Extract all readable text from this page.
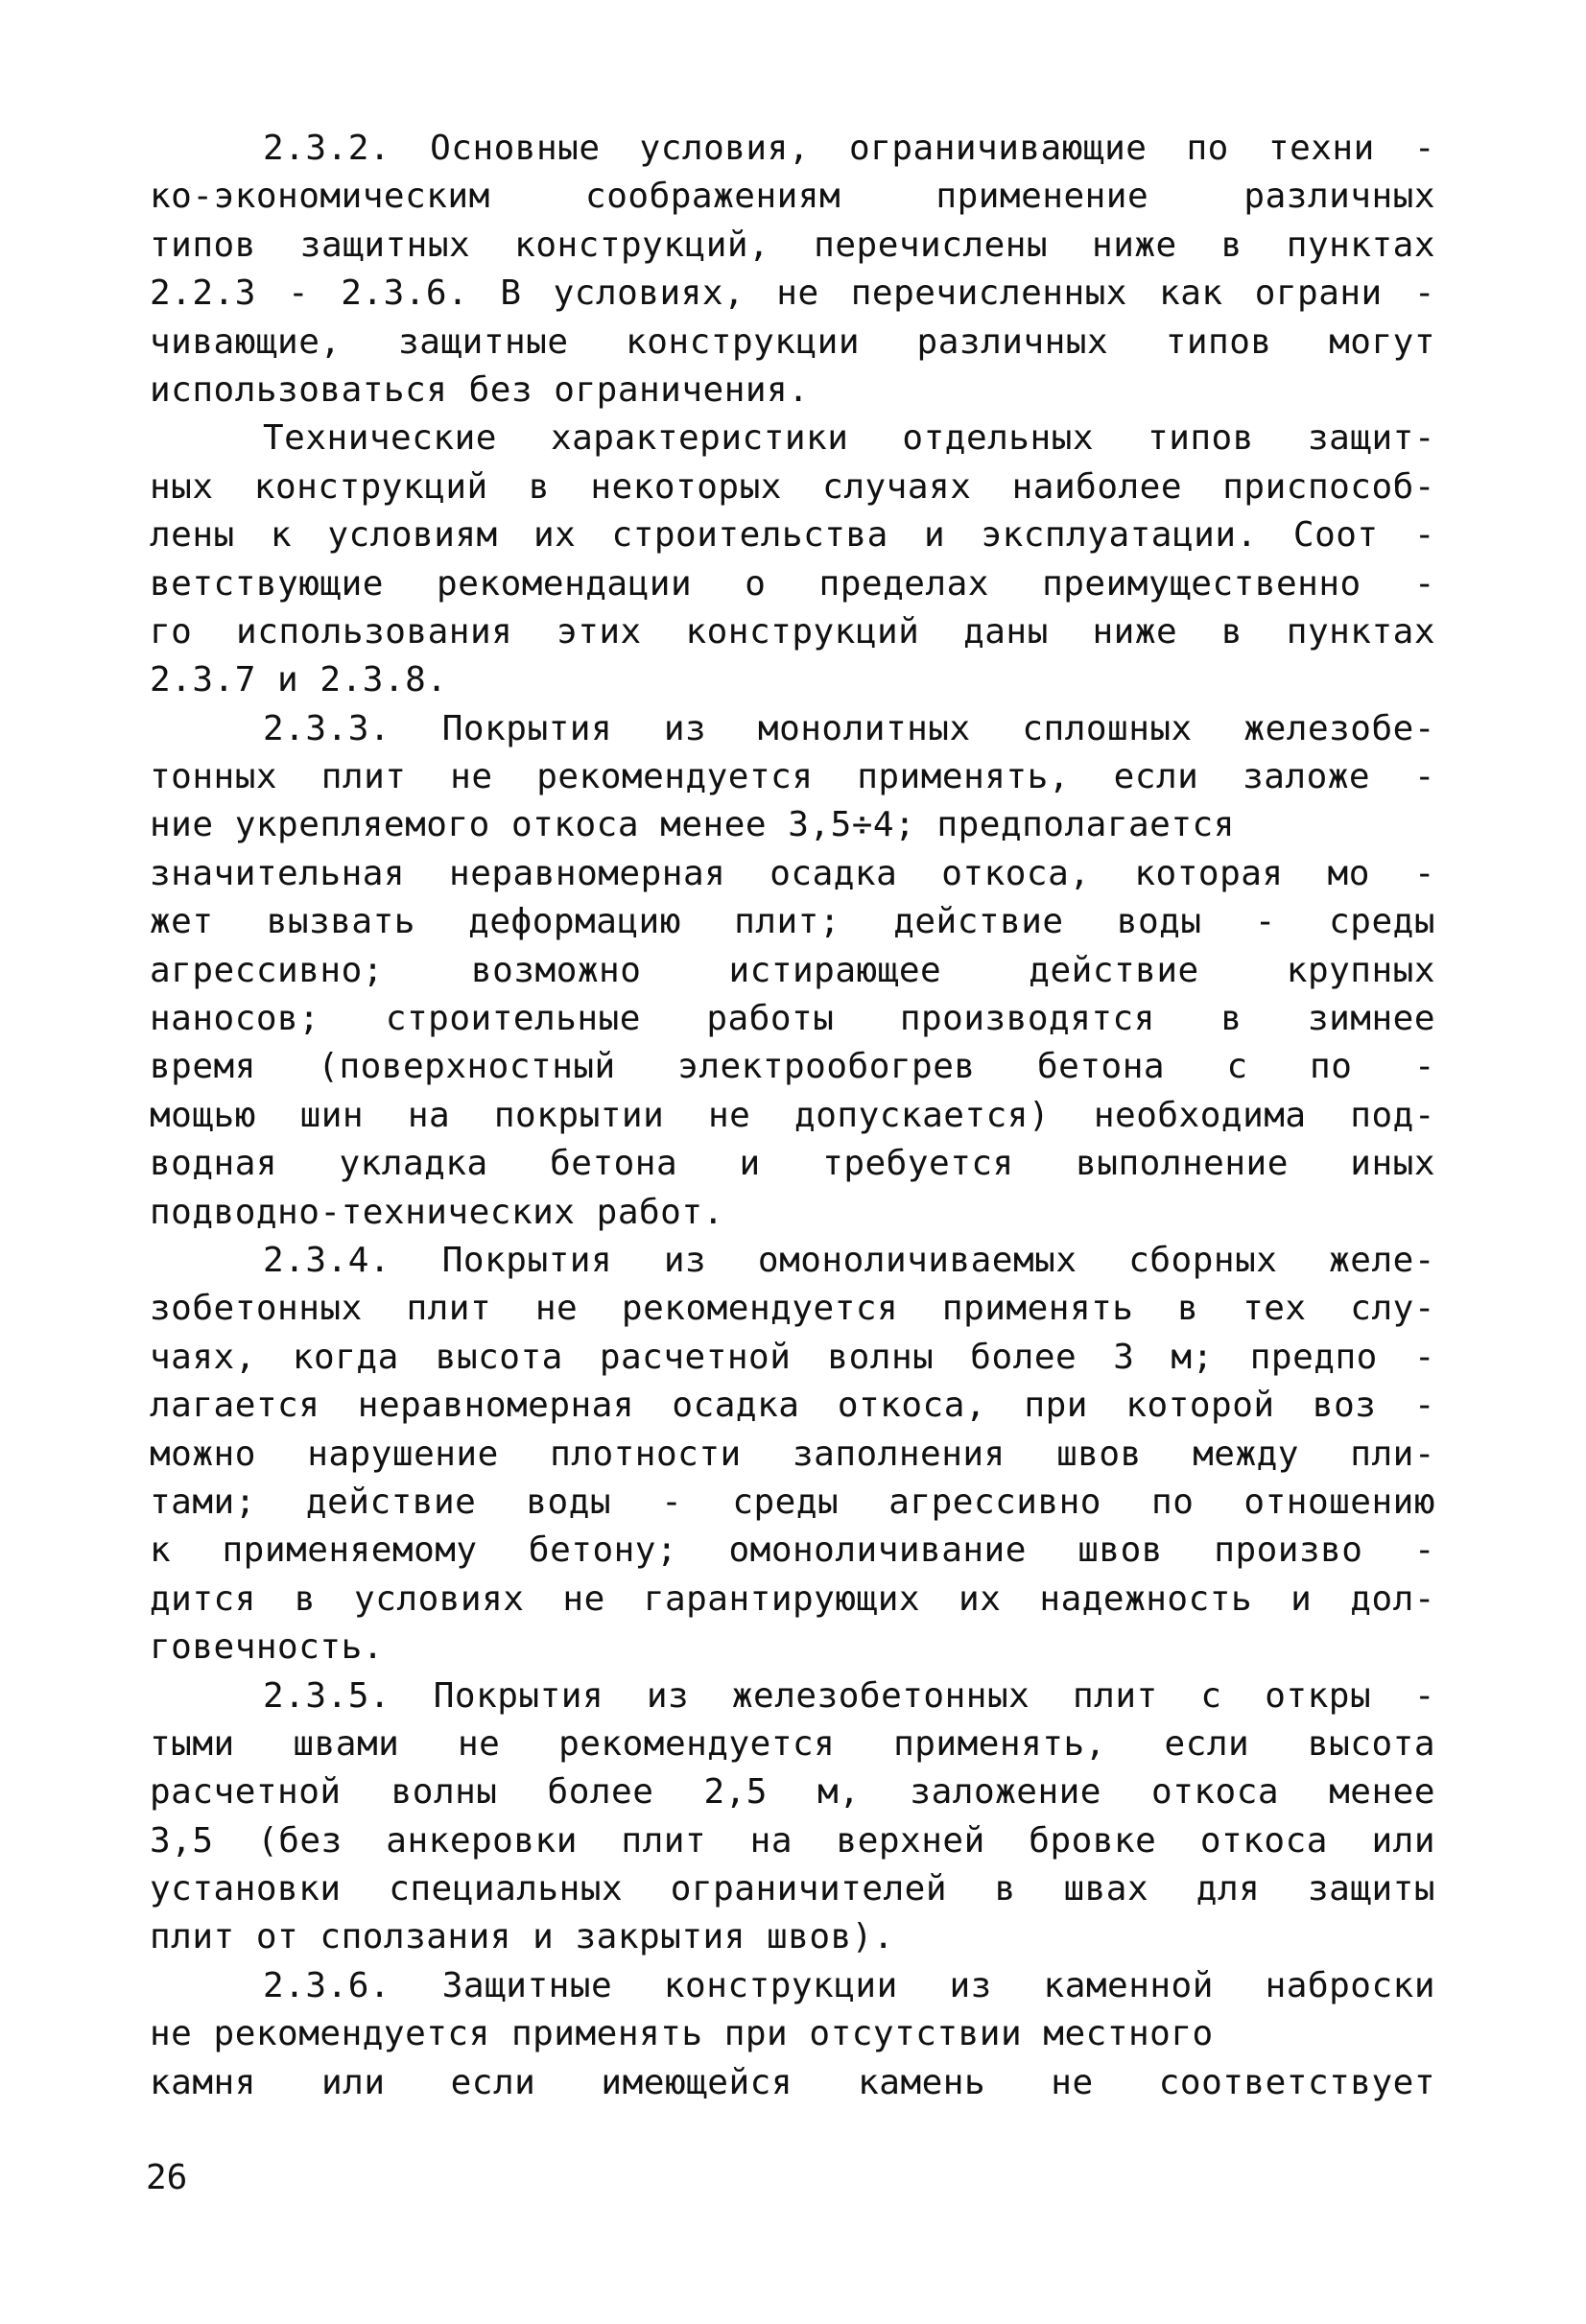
2.3.2. Основные условия, ограничивающие по техни -
ко-экономическим соображениям применение различных
типов защитных конструкций, перечислены ниже в пунктах
2.2.3 - 2.3.6. В условиях, не перечисленных как ограни -
чивающие, защитные конструкции различных типов могут
использоваться без ограничения.
Технические характеристики отдельных типов защит-
ных конструкций в некоторых случаях наиболее приспособ-
лены к условиям их строительства и эксплуатации. Соот -
ветствующие рекомендации о пределах преимущественно -
го использования этих конструкций даны ниже в пунктах
2.3.7 и 2.3.8.
2.3.3. Покрытия из монолитных сплошных железобе-
тонных плит не рекомендуется применять, если заложе -
ние укрепляемого откоса менее 3,5÷4; предполагается
значительная неравномерная осадка откоса, которая мо -
жет вызвать деформацию плит; действие воды - среды
агрессивно; возможно истирающее действие крупных
наносов; строительные работы производятся в зимнее
время (поверхностный электрообогрев бетона с по -
мощью шин на покрытии не допускается) необходима под-
водная укладка бетона и требуется выполнение иных
подводно-технических работ.
2.3.4. Покрытия из омоноличиваемых сборных желе-
зобетонных плит не рекомендуется применять в тех слу-
чаях, когда высота расчетной волны более 3 м; предпо -
лагается неравномерная осадка откоса, при которой воз -
можно нарушение плотности заполнения швов между пли-
тами; действие воды - среды агрессивно по отношению
к применяемому бетону; омоноличивание швов произво -
дится в условиях не гарантирующих их надежность и дол-
говечность.
2.3.5. Покрытия из железобетонных плит с откры -
тыми швами не рекомендуется применять, если высота
расчетной волны более 2,5 м, заложение откоса менее
3,5 (без анкеровки плит на верхней бровке откоса или
установки специальных ограничителей в швах для защиты
плит от сползания и закрытия швов).
2.3.6. Защитные конструкции из каменной наброски
не рекомендуется применять при отсутствии местного
камня или если имеющейся камень не соответствует
26
